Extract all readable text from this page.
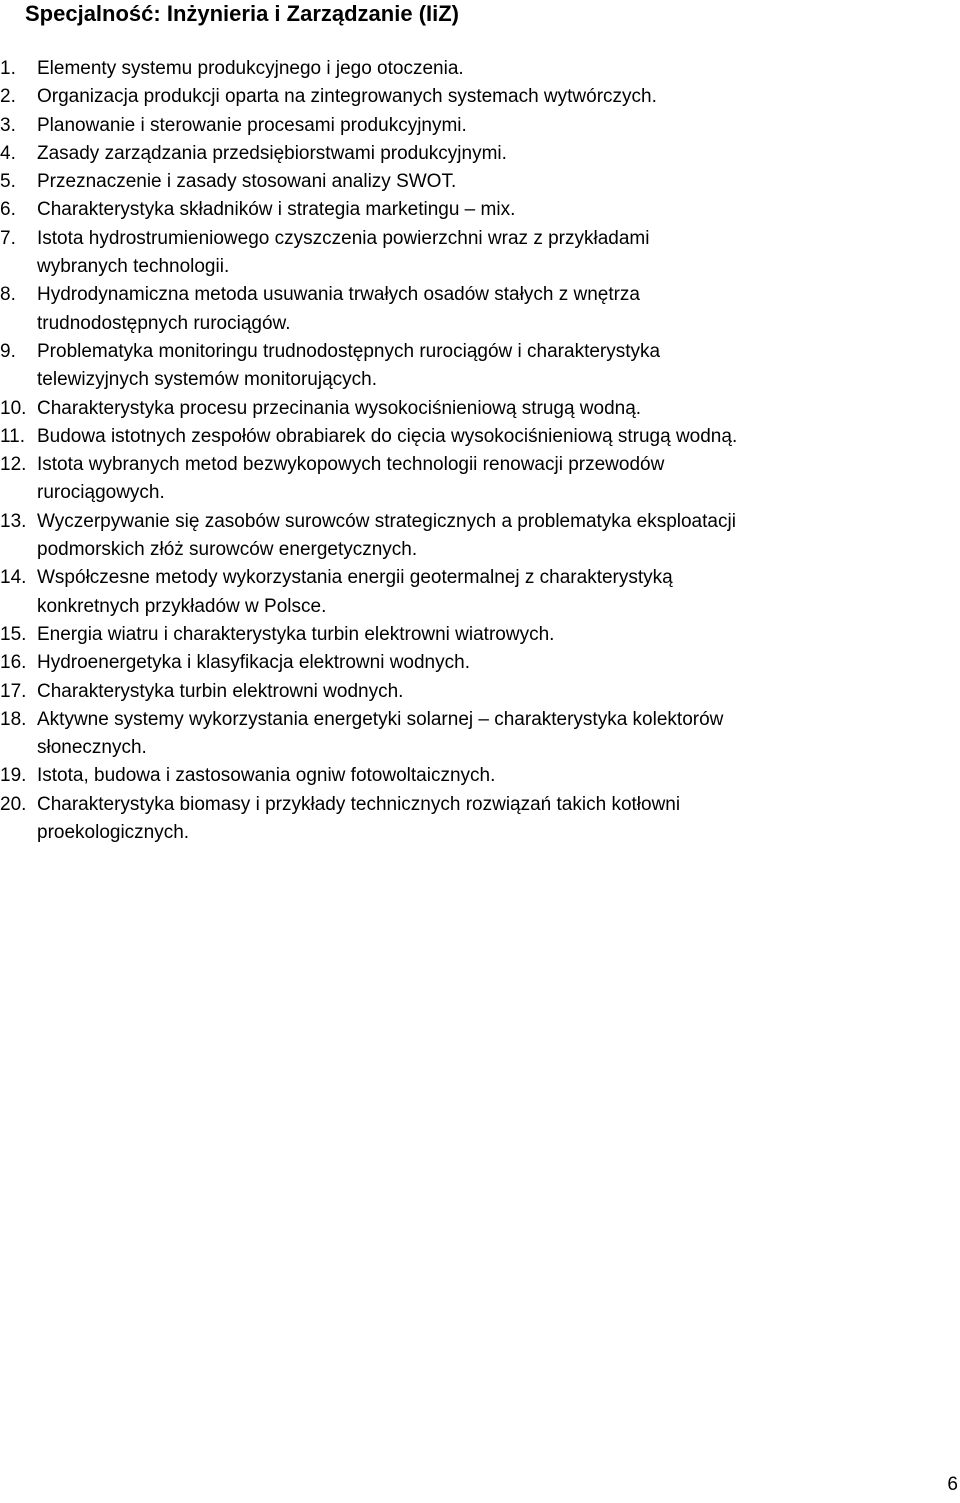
Specjalność: Inżynieria i Zarządzanie (IiZ)
1. Elementy systemu produkcyjnego i jego otoczenia.
2. Organizacja produkcji oparta na zintegrowanych systemach wytwórczych.
3. Planowanie i sterowanie procesami produkcyjnymi.
4. Zasady zarządzania przedsiębiorstwami produkcyjnymi.
5. Przeznaczenie i zasady stosowani analizy SWOT.
6. Charakterystyka składników i strategia marketingu – mix.
7. Istota hydrostrumieniowego czyszczenia powierzchni wraz z przykładami
wybranych technologii.
8. Hydrodynamiczna metoda usuwania trwałych osadów stałych z wnętrza
trudnodostępnych rurociągów.
9. Problematyka monitoringu trudnodostępnych rurociągów i charakterystyka
telewizyjnych systemów monitorujących.
10. Charakterystyka procesu przecinania wysokociśnieniową strugą wodną.
11. Budowa istotnych zespołów obrabiarek do cięcia wysokociśnieniową strugą wodną.
12. Istota wybranych metod bezwykopowych technologii renowacji przewodów
rurociągowych.
13. Wyczerpywanie się zasobów surowców strategicznych a problematyka eksploatacji
podmorskich złóż surowców energetycznych.
14. Współczesne metody wykorzystania energii geotermalnej z charakterystyką
konkretnych przykładów w Polsce.
15. Energia wiatru i charakterystyka turbin elektrowni wiatrowych.
16. Hydroenergetyka i klasyfikacja elektrowni wodnych.
17. Charakterystyka turbin elektrowni wodnych.
18. Aktywne systemy wykorzystania energetyki solarnej – charakterystyka kolektorów
słonecznych.
19. Istota, budowa i zastosowania ogniw fotowoltaicznych.
20. Charakterystyka biomasy i przykłady technicznych rozwiązań takich kotłowni
proekologicznych.
6
